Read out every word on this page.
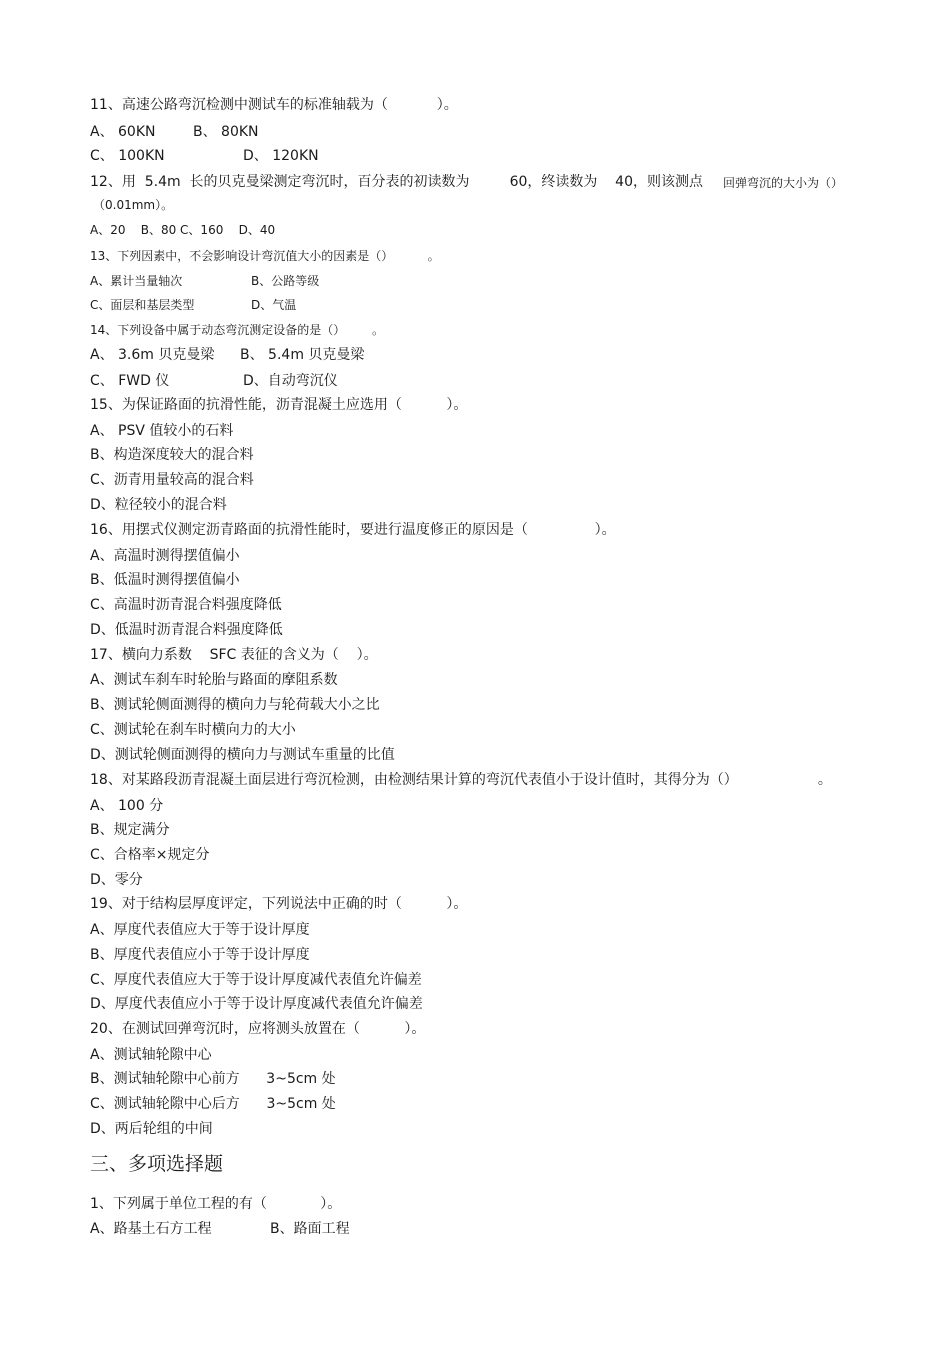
11、高速公路弯沉检测中测试车的标准轴载为（           ）。
A、 60KN	B、 80KN
C、 100KN	D、 120KN
12、用  5.4m  长的贝克曼梁测定弯沉时，百分表的初读数为         60，终读数为    40，则该测点 回弹弯沉的大小为（）
（0.01mm）。
A、20    B、80 C、160    D、40
13、下列因素中，不会影响设计弯沉值大小的因素是（）         。
A、累计当量轴次	B、公路等级
C、面层和基层类型	D、气温
14、下列设备中属于动态弯沉测定设备的是（）       。
A、 3.6m 贝克曼梁 B、 5.4m 贝克曼梁
C、 FWD 仪	D、自动弯沉仪
15、为保证路面的抗滑性能，沥青混凝土应选用（          ）。
A、 PSV 值较小的石料
B、构造深度较大的混合料
C、沥青用量较高的混合料
D、粒径较小的混合料
16、用摆式仪测定沥青路面的抗滑性能时，要进行温度修正的原因是（               ）。
A、高温时测得摆值偏小
B、低温时测得摆值偏小
C、高温时沥青混合料强度降低
D、低温时沥青混合料强度降低
17、横向力系数    SFC 表征的含义为（    ）。
A、测试车刹车时轮胎与路面的摩阻系数
B、测试轮侧面测得的横向力与轮荷载大小之比
C、测试轮在刹车时横向力的大小
D、测试轮侧面测得的横向力与测试车重量的比值
18、对某路段沥青混凝土面层进行弯沉检测，由检测结果计算的弯沉代表值小于设计值时，其得分为（）                  。
A、 100 分
B、规定满分
C、合格率×规定分
D、零分
19、对于结构层厚度评定，下列说法中正确的时（          ）。
A、厚度代表值应大于等于设计厚度
B、厚度代表值应小于等于设计厚度
C、厚度代表值应大于等于设计厚度减代表值允许偏差
D、厚度代表值应小于等于设计厚度减代表值允许偏差
20、在测试回弹弯沉时，应将测头放置在（          ）。
A、测试轴轮隙中心
B、测试轴轮隙中心前方      3~5cm 处
C、测试轴轮隙中心后方      3~5cm 处
D、两后轮组的中间
三、多项选择题
1、下列属于单位工程的有（            ）。
A、路基土石方工程	B、路面工程
